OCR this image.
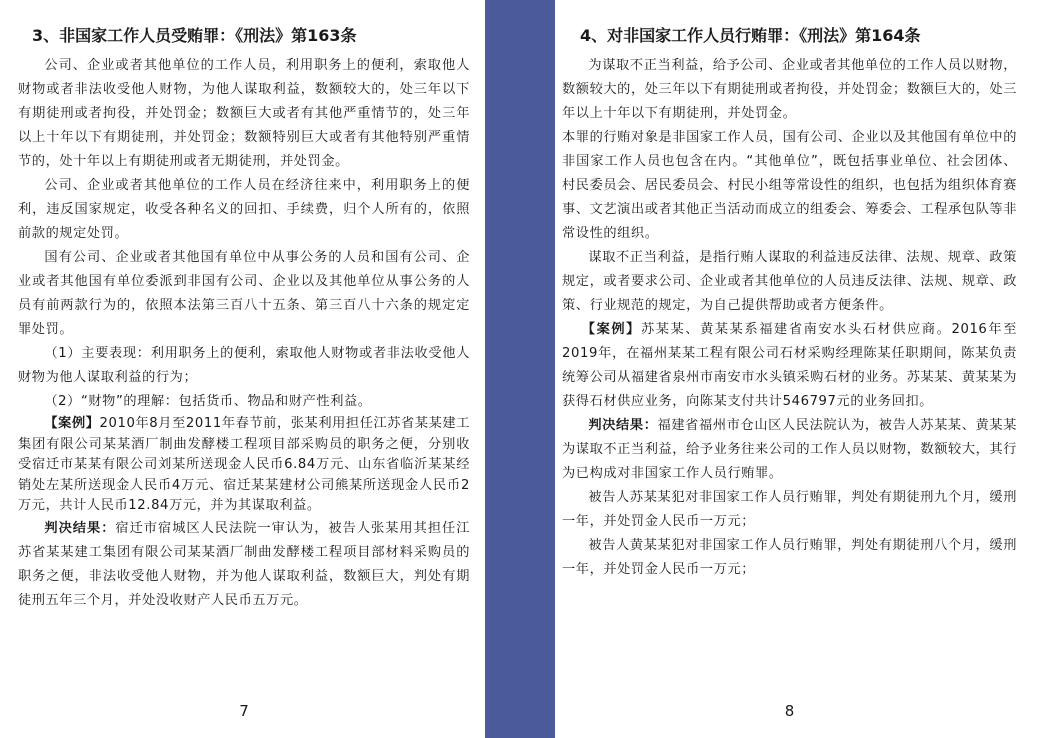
3、非国家工作人员受贿罪：《刑法》第163条

公司、企业或者其他单位的工作人员，利用职务上的便利，索取他人财物或者非法收受他人财物，为他人谋取利益，数额较大的，处三年以下有期徒刑或者拘役，并处罚金；数额巨大或者有其他严重情节的，处三年以上十年以下有期徒刑，并处罚金；数额特别巨大或者有其他特别严重情节的，处十年以上有期徒刑或者无期徒刑，并处罚金。

公司、企业或者其他单位的工作人员在经济往来中，利用职务上的便利，违反国家规定，收受各种名义的回扣、手续费，归个人所有的，依照前款的规定处罚。

国有公司、企业或者其他国有单位中从事公务的人员和国有公司、企业或者其他国有单位委派到非国有公司、企业以及其他单位从事公务的人员有前两款行为的，依照本法第三百八十五条、第三百八十六条的规定定罪处罚。

（1）主要表现：利用职务上的便利，索取他人财物或者非法收受他人财物为他人谋取利益的行为；

（2）“财物”的理解：包括货币、物品和财产性利益。

【案例】2010年8月至2011年春节前，张某利用担任江苏省某某建工集团有限公司某某酒厂制曲发酵楼工程项目部采购员的职务之便，分别收受宿迁市某某有限公司刘某所送现金人民币6.84万元、山东省临沂某某经销处左某所送现金人民币4万元、宿迁某某建材公司熊某所送现金人民币2万元，共计人民币12.84万元，并为其谋取利益。

判决结果：宿迁市宿城区人民法院一审认为，被告人张某用其担任江苏省某某建工集团有限公司某某酒厂制曲发酵楼工程项目部材料采购员的职务之便，非法收受他人财物，并为他人谋取利益，数额巨大，判处有期徒刑五年三个月，并处没收财产人民币五万元。

7
4、对非国家工作人员行贿罪：《刑法》第164条

为谋取不正当利益，给予公司、企业或者其他单位的工作人员以财物，数额较大的，处三年以下有期徒刑或者拘役，并处罚金；数额巨大的，处三年以上十年以下有期徒刑，并处罚金。

本罪的行贿对象是非国家工作人员，国有公司、企业以及其他国有单位中的非国家工作人员也包含在内。“其他单位”，既包括事业单位、社会团体、村民委员会、居民委员会、村民小组等常设性的组织，也包括为组织体育赛事、文艺演出或者其他正当活动而成立的组委会、筹委会、工程承包队等非常设性的组织。

谋取不正当利益，是指行贿人谋取的利益违反法律、法规、规章、政策规定，或者要求公司、企业或者其他单位的人员违反法律、法规、规章、政策、行业规范的规定，为自己提供帮助或者方便条件。

【案例】苏某某、黄某某系福建省南安水头石材供应商。2016年至2019年，在福州某某工程有限公司石材采购经理陈某任职期间，陈某负责统筹公司从福建省泉州市南安市水头镇采购石材的业务。苏某某、黄某某为获得石材供应业务，向陈某支付共计546797元的业务回扣。

判决结果：福建省福州市仓山区人民法院认为，被告人苏某某、黄某某为谋取不正当利益，给予业务往来公司的工作人员以财物，数额较大，其行为已构成对非国家工作人员行贿罪。

被告人苏某某犯对非国家工作人员行贿罪，判处有期徒刑九个月，缓刑一年，并处罚金人民币一万元；

被告人黄某某犯对非国家工作人员行贿罪，判处有期徒刑八个月，缓刑一年，并处罚金人民币一万元；

8
